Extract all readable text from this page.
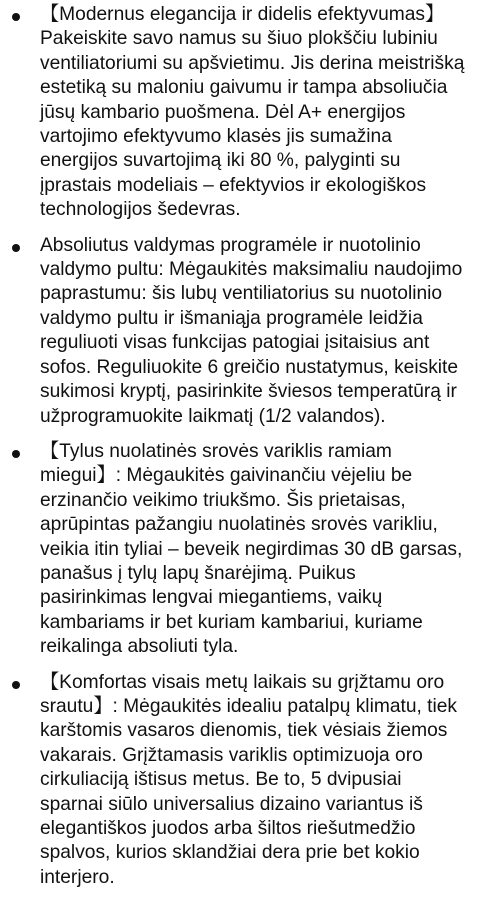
【Modernus elegancija ir didelis efektyvumas】Pakeiskite savo namus su šiuo plokščiu lubiniu ventiliatoriumi su apšvietimu. Jis derina meistrišką estetiką su maloniu gaivumu ir tampa absoliučia jūsų kambario puošmena. Dėl A+ energijos vartojimo efektyvumo klasės jis sumažina energijos suvartojimą iki 80 %, palyginti su įprastais modeliais – efektyvios ir ekologiškos technologijos šedevras.
Absoliutus valdymas programėle ir nuotolinio valdymo pultu: Mėgaukitės maksimaliu naudojimo paprastumu: šis lubų ventiliatorius su nuotolinio valdymo pultu ir išmaniąja programėle leidžia reguliuoti visas funkcijas patogiai įsitaisius ant sofos. Reguliuokite 6 greičio nustatymus, keiskite sukimosi kryptį, pasirinkite šviesos temperatūrą ir užprogramuokite laikmatį (1/2 valandos).
【Tylus nuolatinės srovės variklis ramiam miegui】: Mėgaukitės gaivinančiu vėjeliu be erzinančio veikimo triukšmo. Šis prietaisas, aprūpintas pažangiu nuolatinės srovės varikliu, veikia itin tyliai – beveik negirdimas 30 dB garsas, panašus į tylų lapų šnarėjimą. Puikus pasirinkimas lengvai miegantiems, vaikų kambariams ir bet kuriam kambariui, kuriame reikalinga absoliuti tyla.
【Komfortas visais metų laikais su grįžtamu oro srautu】: Mėgaukitės idealiu patalpų klimatu, tiek karštomis vasaros dienomis, tiek vėsiais žiemos vakarais. Grįžtamasis variklis optimizuoja oro cirkuliaciją ištisus metus. Be to, 5 dvipusiai sparnai siūlo universalius dizaino variantus iš elegantiškos juodos arba šiltos riešutmedžio spalvos, kurios sklandžiai dera prie bet kokio interjero.
